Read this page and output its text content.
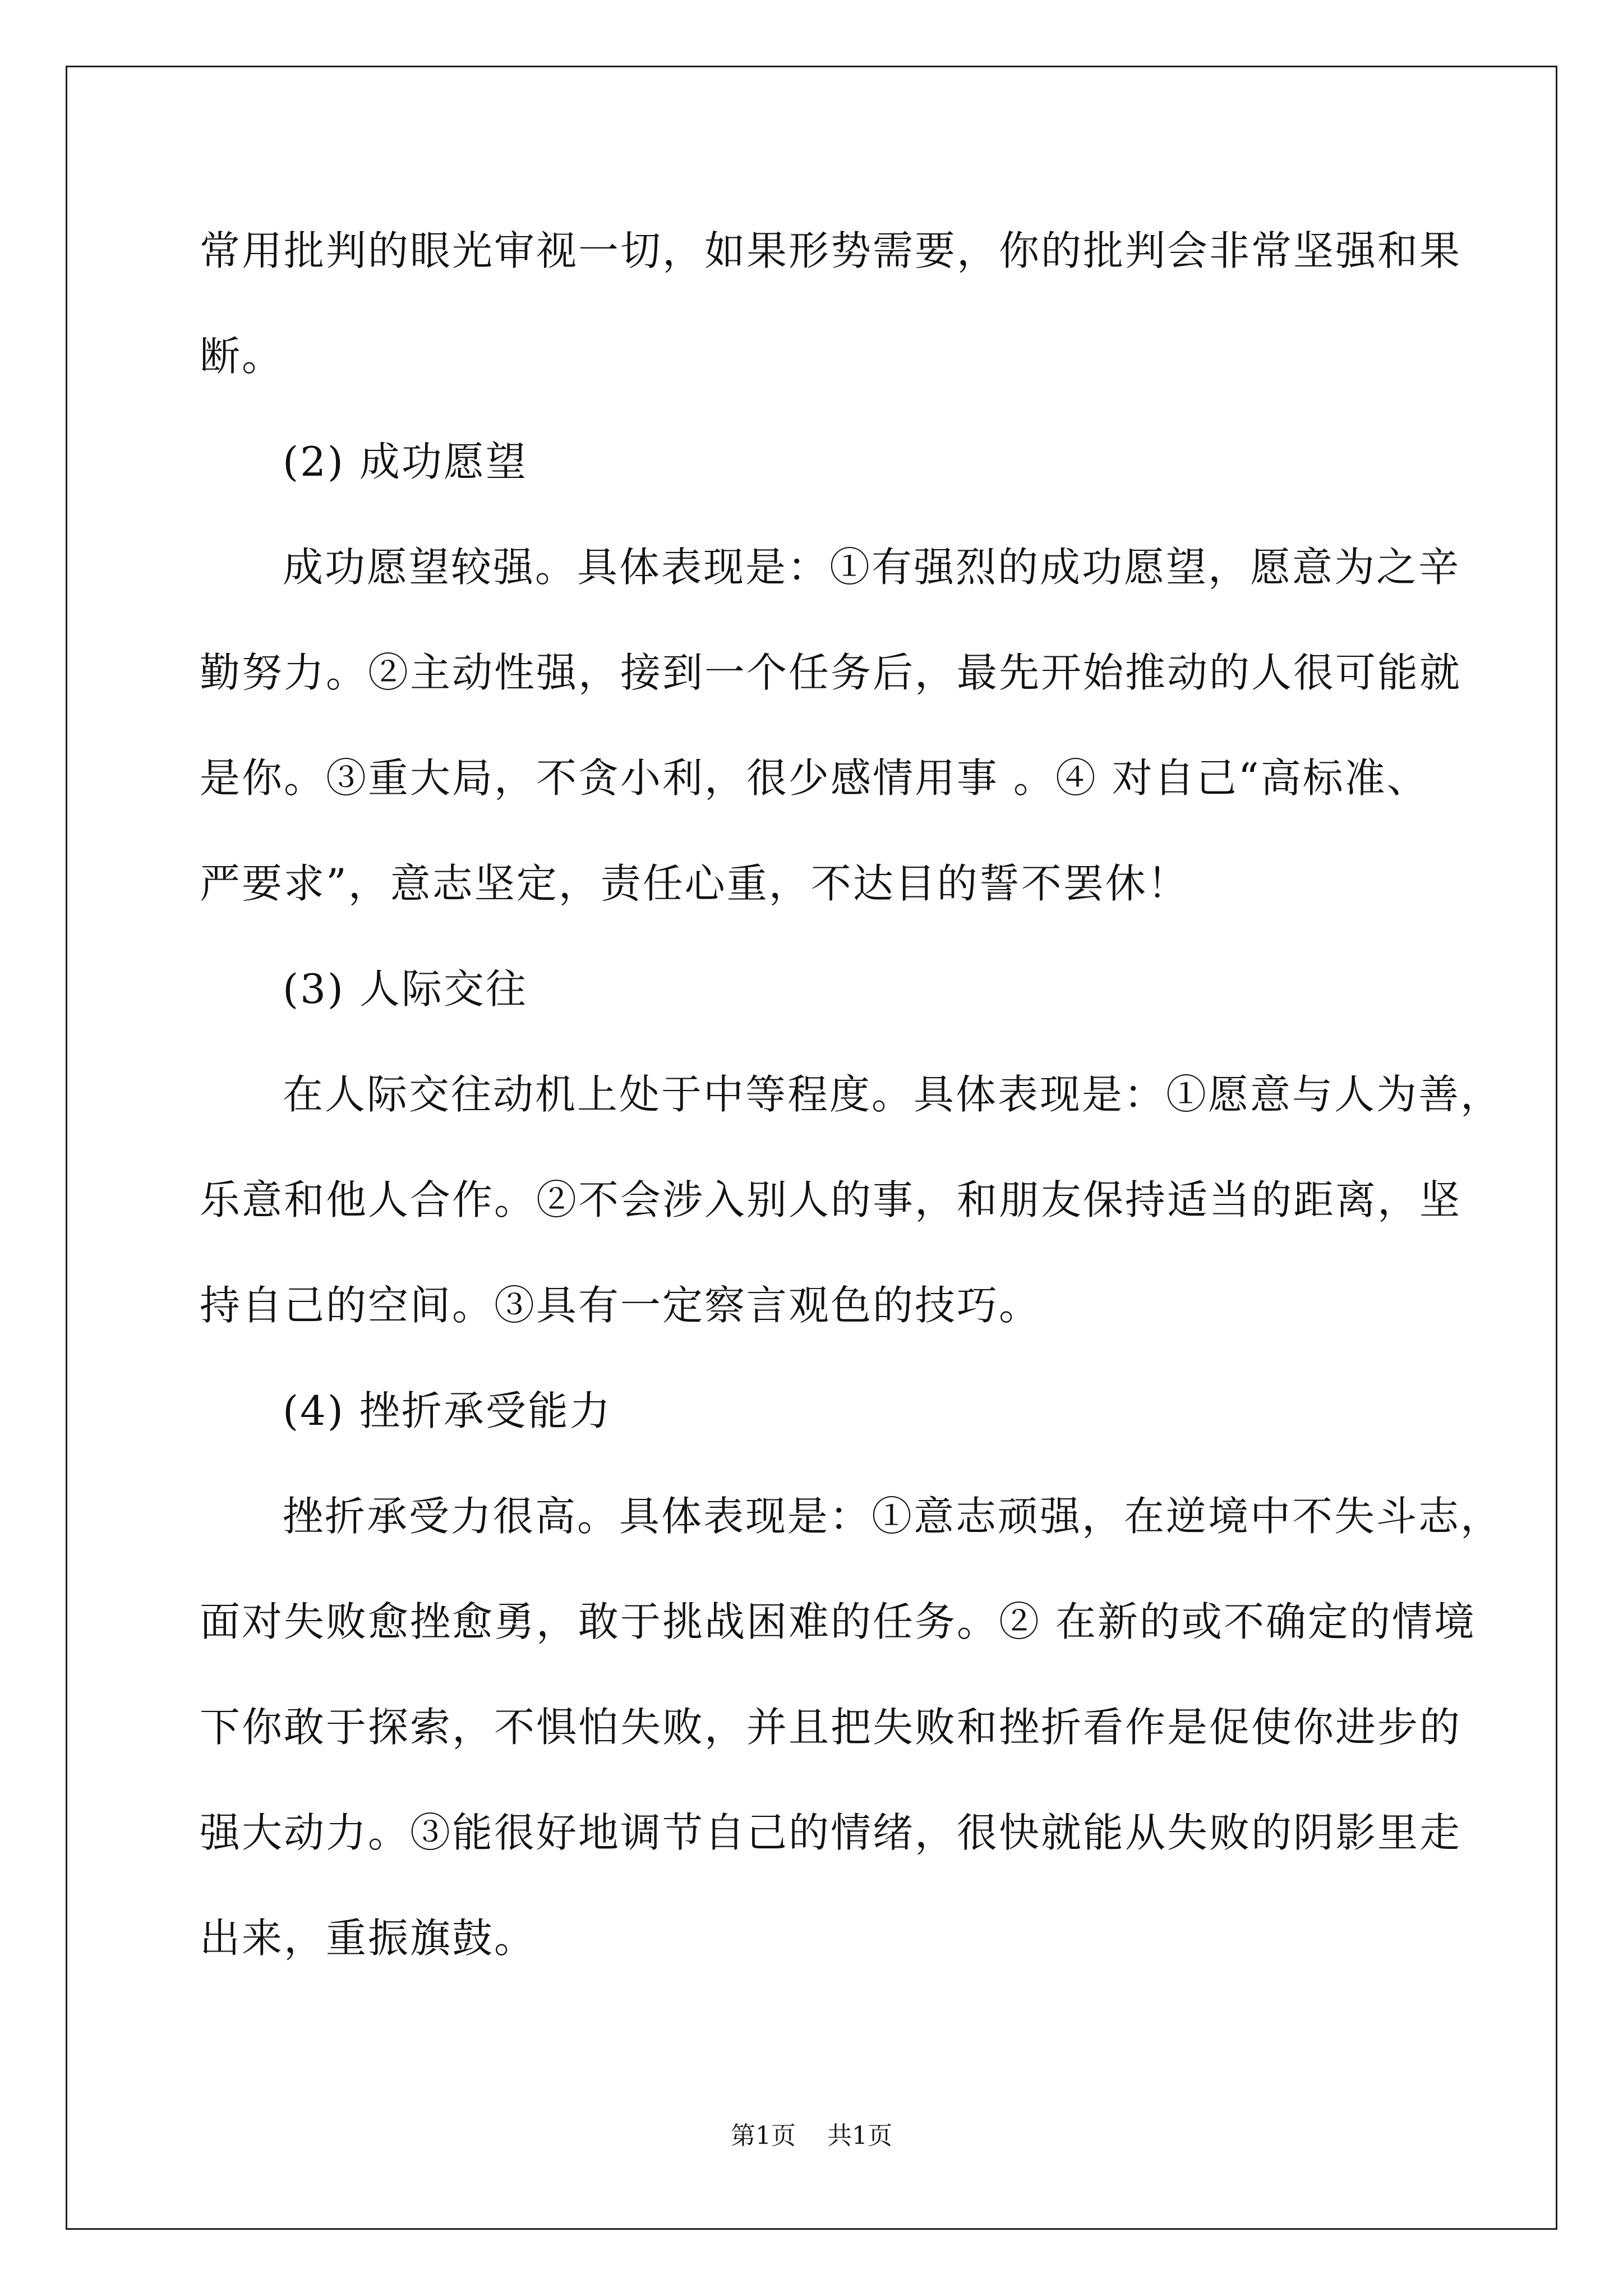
常用批判的眼光审视一切，如果形势需要，你的批判会非常坚强和果
断。
(2) 成功愿望
成功愿望较强。具体表现是：①有强烈的成功愿望，愿意为之辛
勤努力。②主动性强，接到一个任务后，最先开始推动的人很可能就
是你。③重大局，不贪小利，很少感情用事 。④ 对自己“高标准、
严要求”，意志坚定，责任心重，不达目的誓不罢休！
(3) 人际交往
在人际交往动机上处于中等程度。具体表现是：①愿意与人为善，
乐意和他人合作。②不会涉入别人的事，和朋友保持适当的距离，坚
持自己的空间。③具有一定察言观色的技巧。
(4) 挫折承受能力
挫折承受力很高。具体表现是：①意志顽强，在逆境中不失斗志，
面对失败愈挫愈勇，敢于挑战困难的任务。② 在新的或不确定的情境
下你敢于探索，不惧怕失败，并且把失败和挫折看作是促使你进步的
强大动力。③能很好地调节自己的情绪，很快就能从失败的阴影里走
出来，重振旗鼓。
第1页 共1页
